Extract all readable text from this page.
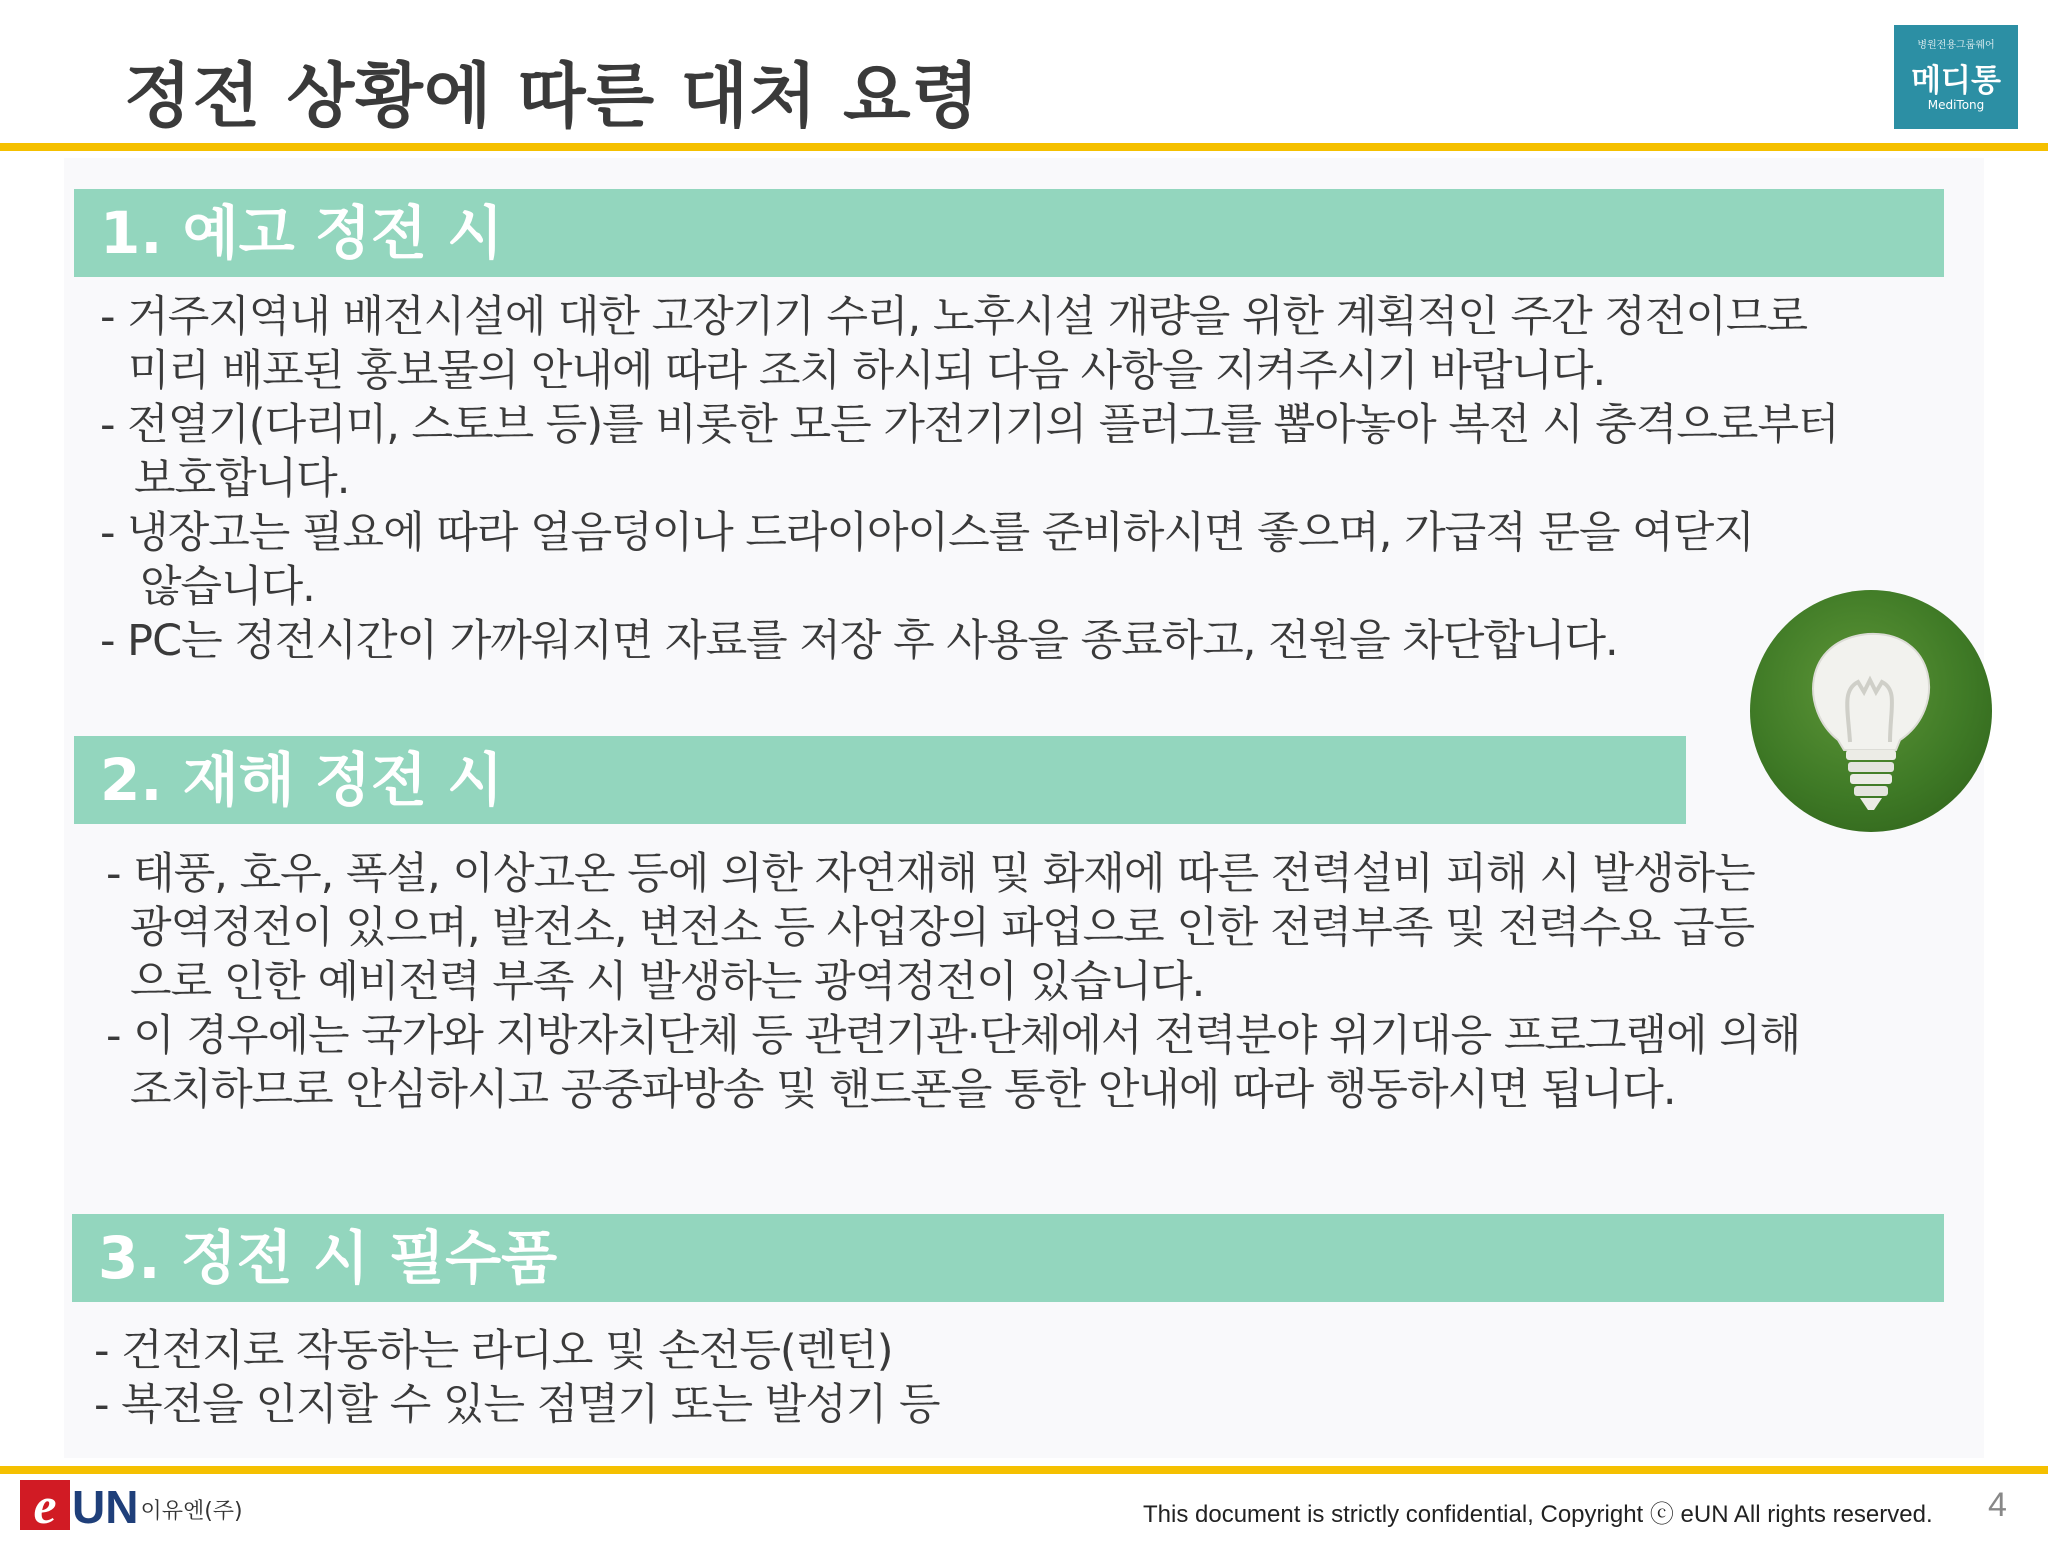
정전 상황에 따른 대처 요령
병원전용그룹웨어
메디통
MediTong
1. 예고 정전 시
- 거주지역내 배전시설에 대한 고장기기 수리, 노후시설 개량을 위한 계획적인 주간 정전이므로
미리 배포된 홍보물의 안내에 따라 조치 하시되 다음 사항을 지켜주시기 바랍니다.
- 전열기(다리미, 스토브 등)를 비롯한 모든 가전기기의 플러그를 뽑아놓아 복전 시 충격으로부터
보호합니다.
- 냉장고는 필요에 따라 얼음덩이나 드라이아이스를 준비하시면 좋으며, 가급적 문을 여닫지
않습니다.
- PC는 정전시간이 가까워지면 자료를 저장 후 사용을 종료하고, 전원을 차단합니다.
2. 재해 정전 시
- 태풍, 호우, 폭설, 이상고온 등에 의한 자연재해 및 화재에 따른 전력설비 피해 시 발생하는
광역정전이 있으며, 발전소, 변전소 등 사업장의 파업으로 인한 전력부족 및 전력수요 급등
으로 인한 예비전력 부족 시 발생하는 광역정전이 있습니다.
- 이 경우에는 국가와 지방자치단체 등 관련기관·단체에서 전력분야 위기대응 프로그램에 의해
조치하므로 안심하시고 공중파방송 및 핸드폰을 통한 안내에 따라 행동하시면 됩니다.
3. 정전 시 필수품
- 건전지로 작동하는 라디오 및 손전등(렌턴)
- 복전을 인지할 수 있는 점멸기 또는 발성기 등
e UN이유엔(주)	This document is strictly confidential, Copyright ⓒ eUN All rights reserved. 4
